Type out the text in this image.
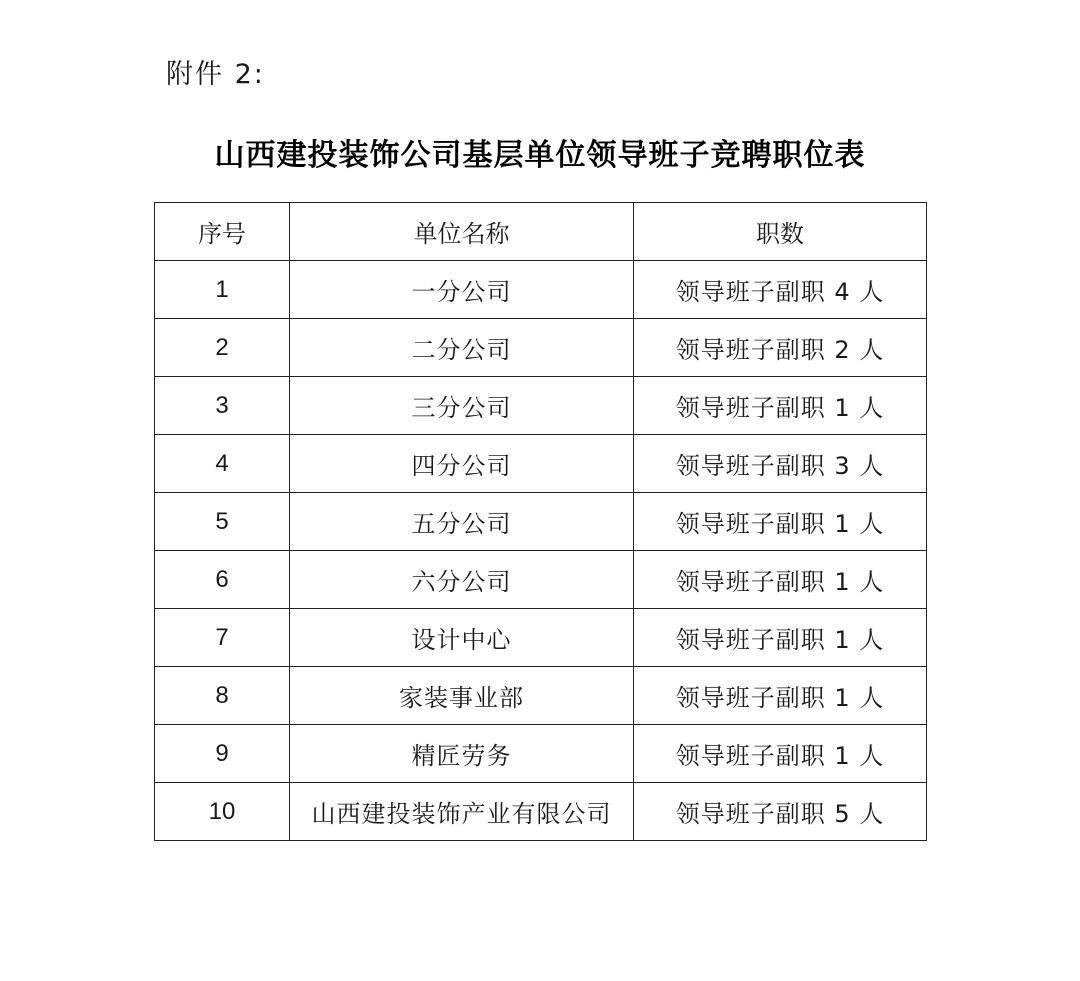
附件 2:
山西建投装饰公司基层单位领导班子竞聘职位表
序号	单位名称	职数
1	一分公司	领导班子副职 4 人
2	二分公司	领导班子副职 2 人
3	三分公司	领导班子副职 1 人
4	四分公司	领导班子副职 3 人
5	五分公司	领导班子副职 1 人
6	六分公司	领导班子副职 1 人
7	设计中心	领导班子副职 1 人
8	家装事业部	领导班子副职 1 人
9	精匠劳务	领导班子副职 1 人
10	山西建投装饰产业有限公司	领导班子副职 5 人
